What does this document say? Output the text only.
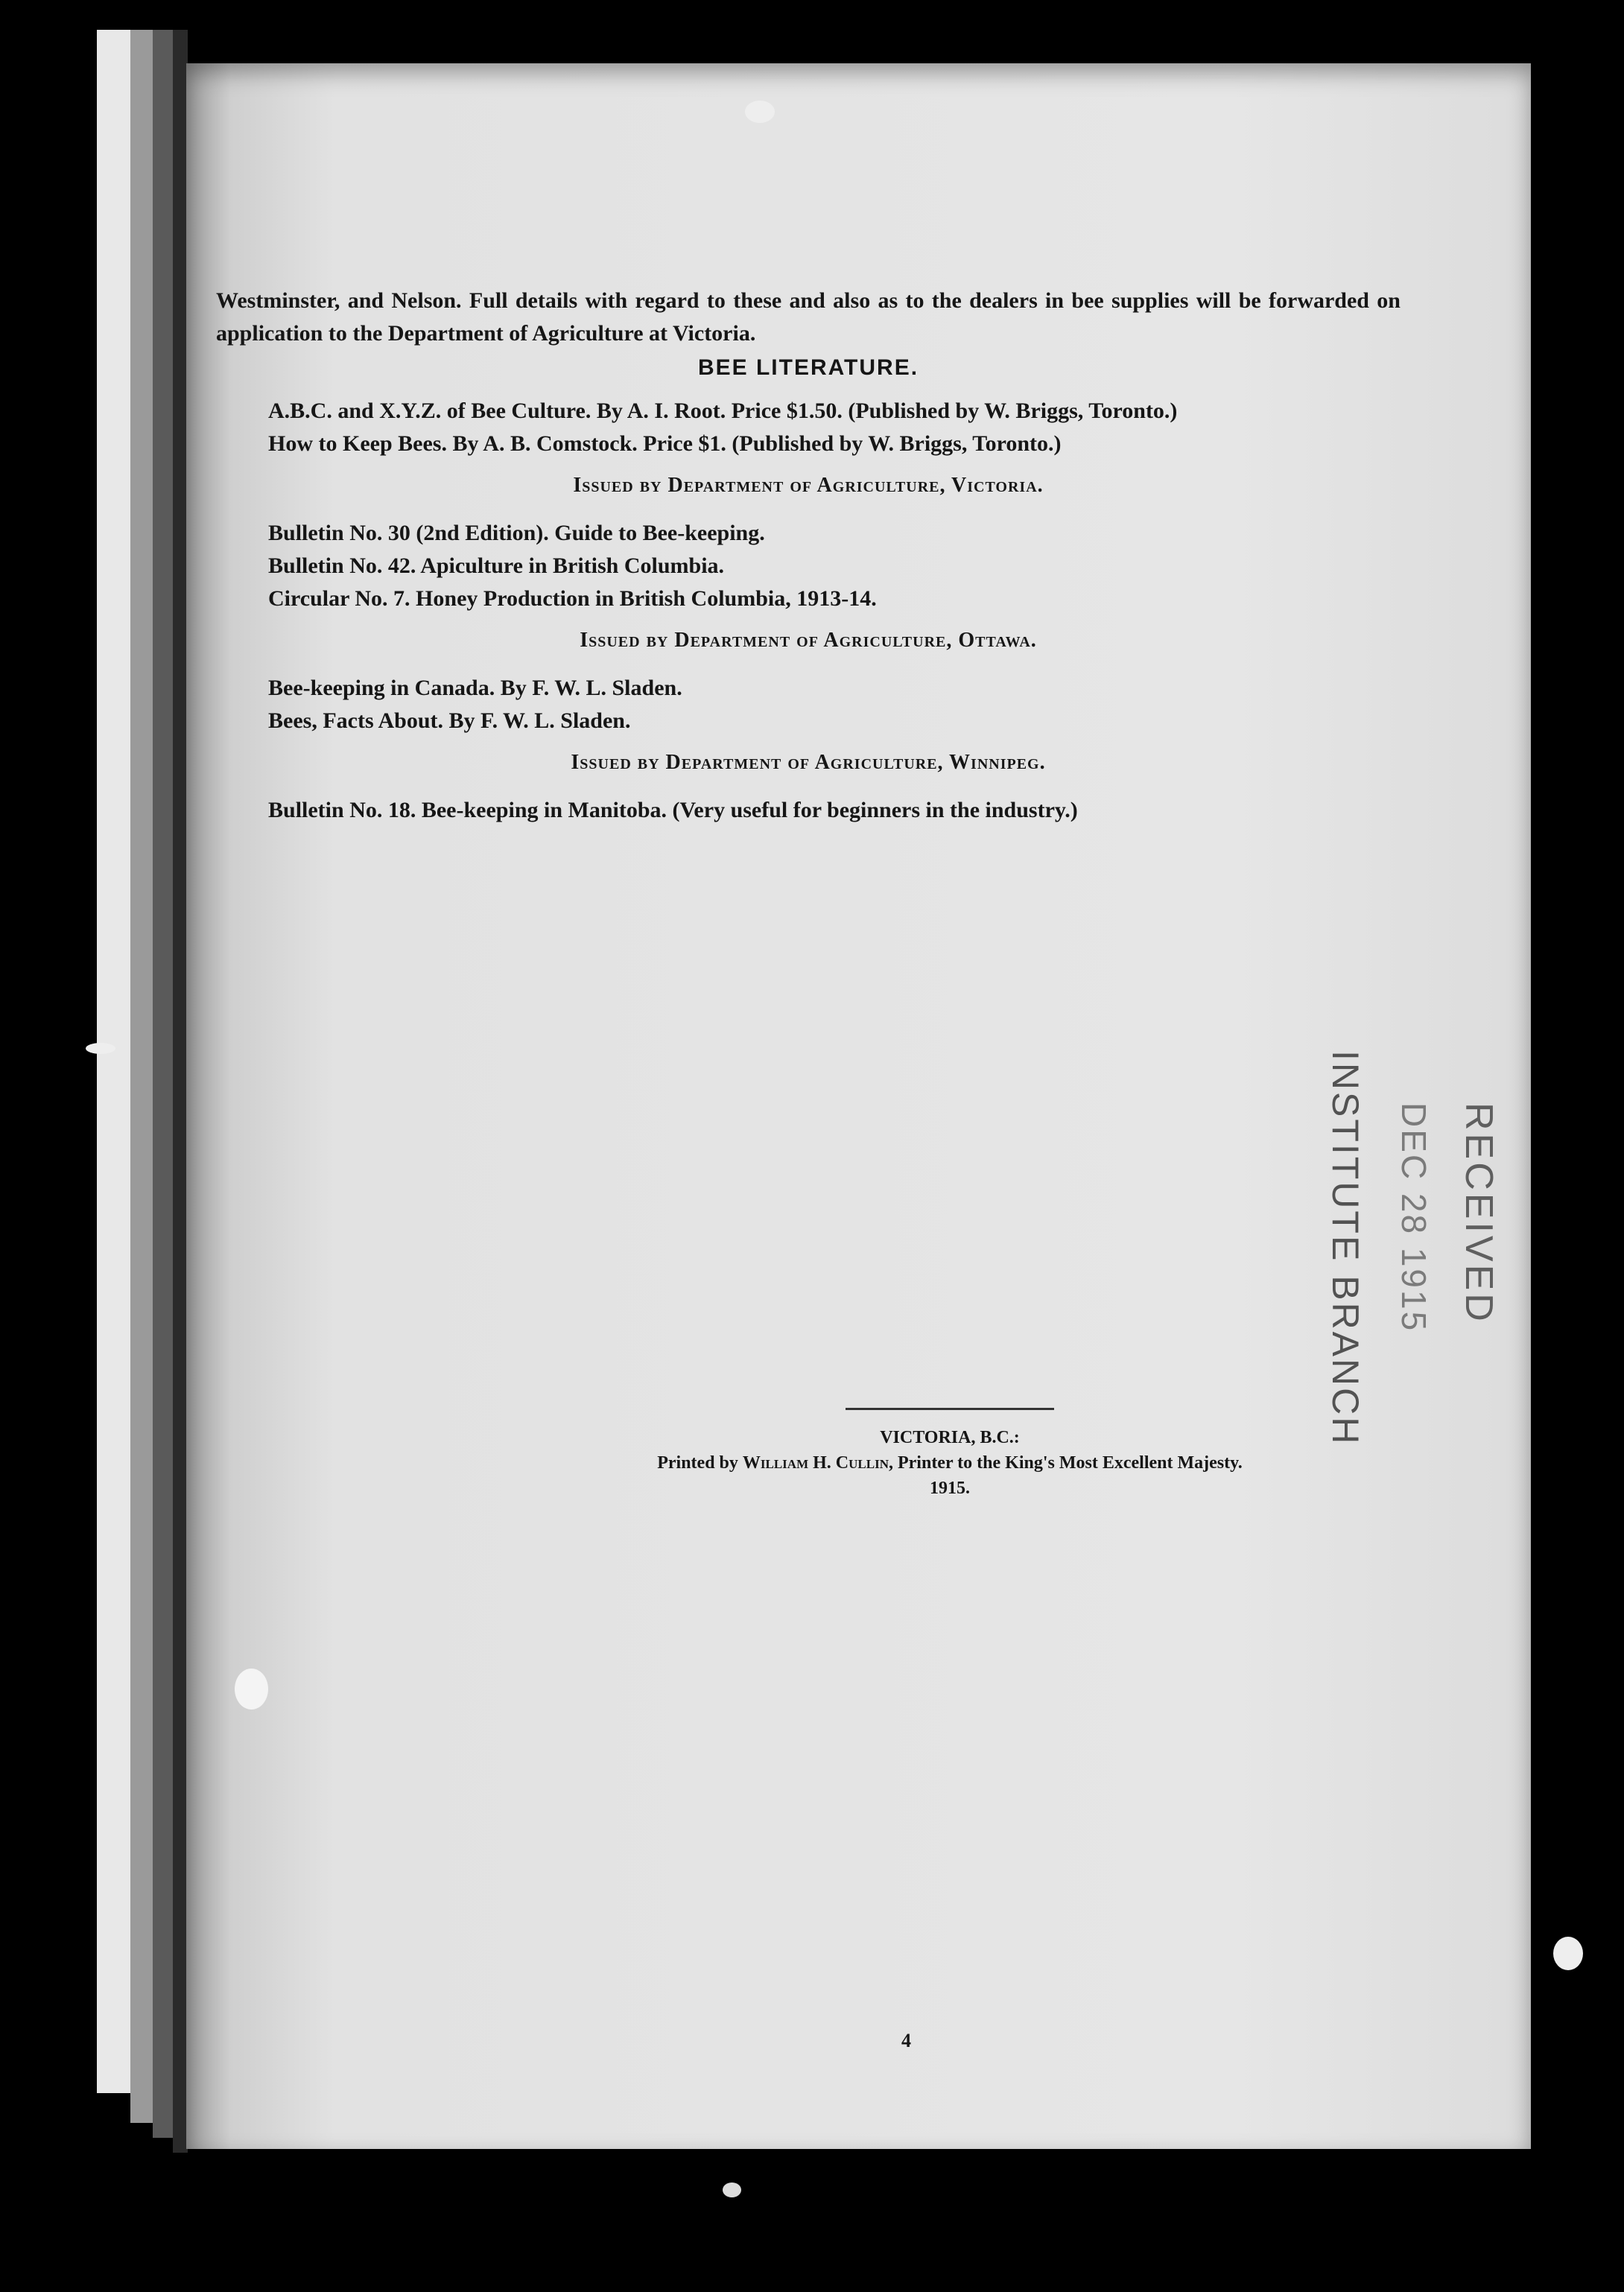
Westminster, and Nelson. Full details with regard to these and also as to the dealers in bee supplies will be forwarded on application to the Department of Agriculture at Victoria.
BEE LITERATURE.
A.B.C. and X.Y.Z. of Bee Culture. By A. I. Root. Price $1.50. (Published by W. Briggs, Toronto.)
How to Keep Bees. By A. B. Comstock. Price $1. (Published by W. Briggs, Toronto.)
Issued by Department of Agriculture, Victoria.
Bulletin No. 30 (2nd Edition). Guide to Bee-keeping.
Bulletin No. 42. Apiculture in British Columbia.
Circular No. 7. Honey Production in British Columbia, 1913-14.
Issued by Department of Agriculture, Ottawa.
Bee-keeping in Canada. By F. W. L. Sladen.
Bees, Facts About. By F. W. L. Sladen.
Issued by Department of Agriculture, Winnipeg.
Bulletin No. 18. Bee-keeping in Manitoba. (Very useful for beginners in the industry.)
VICTORIA, B.C.:
Printed by William H. Cullin, Printer to the King's Most Excellent Majesty.
1915.
4
RECEIVED
DEC 28 1915
INSTITUTE BRANCH
